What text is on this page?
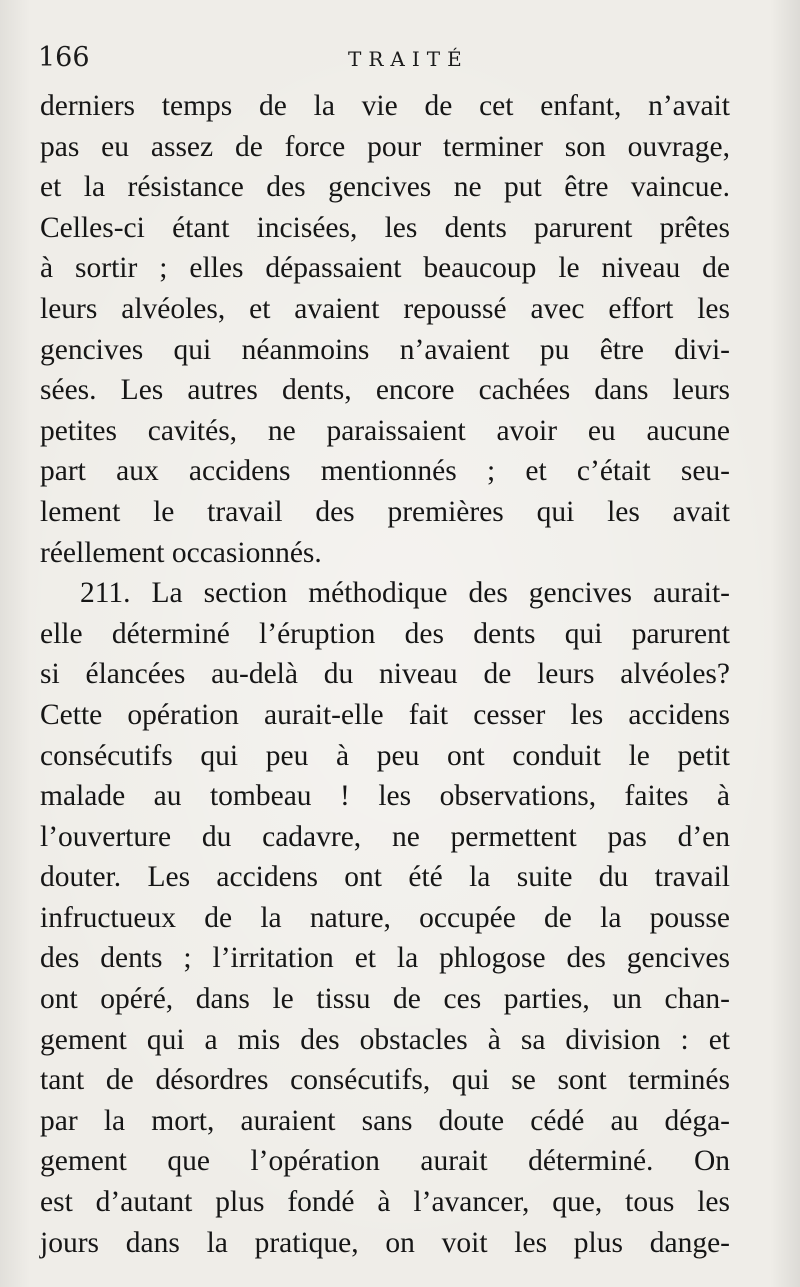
166	TRAITÉ
derniers temps de la vie de cet enfant, n’avait
pas eu assez de force pour terminer son ouvrage,
et la résistance des gencives ne put être vaincue.
Celles-ci étant incisées, les dents parurent prêtes
à sortir ; elles dépassaient beaucoup le niveau de
leurs alvéoles, et avaient repoussé avec effort les
gencives qui néanmoins n’avaient pu être divi-
sées. Les autres dents, encore cachées dans leurs
petites cavités, ne paraissaient avoir eu aucune
part aux accidens mentionnés ; et c’était seu-
lement le travail des premières qui les avait
réellement occasionnés.
211. La section méthodique des gencives aurait-
elle déterminé l’éruption des dents qui parurent
si élancées au-delà du niveau de leurs alvéoles?
Cette opération aurait-elle fait cesser les accidens
consécutifs qui peu à peu ont conduit le petit
malade au tombeau ! les observations, faites à
l’ouverture du cadavre, ne permettent pas d’en
douter. Les accidens ont été la suite du travail
infructueux de la nature, occupée de la pousse
des dents ; l’irritation et la phlogose des gencives
ont opéré, dans le tissu de ces parties, un chan-
gement qui a mis des obstacles à sa division : et
tant de désordres consécutifs, qui se sont terminés
par la mort, auraient sans doute cédé au déga-
gement que l’opération aurait déterminé. On
est d’autant plus fondé à l’avancer, que, tous les
jours dans la pratique, on voit les plus dange-
